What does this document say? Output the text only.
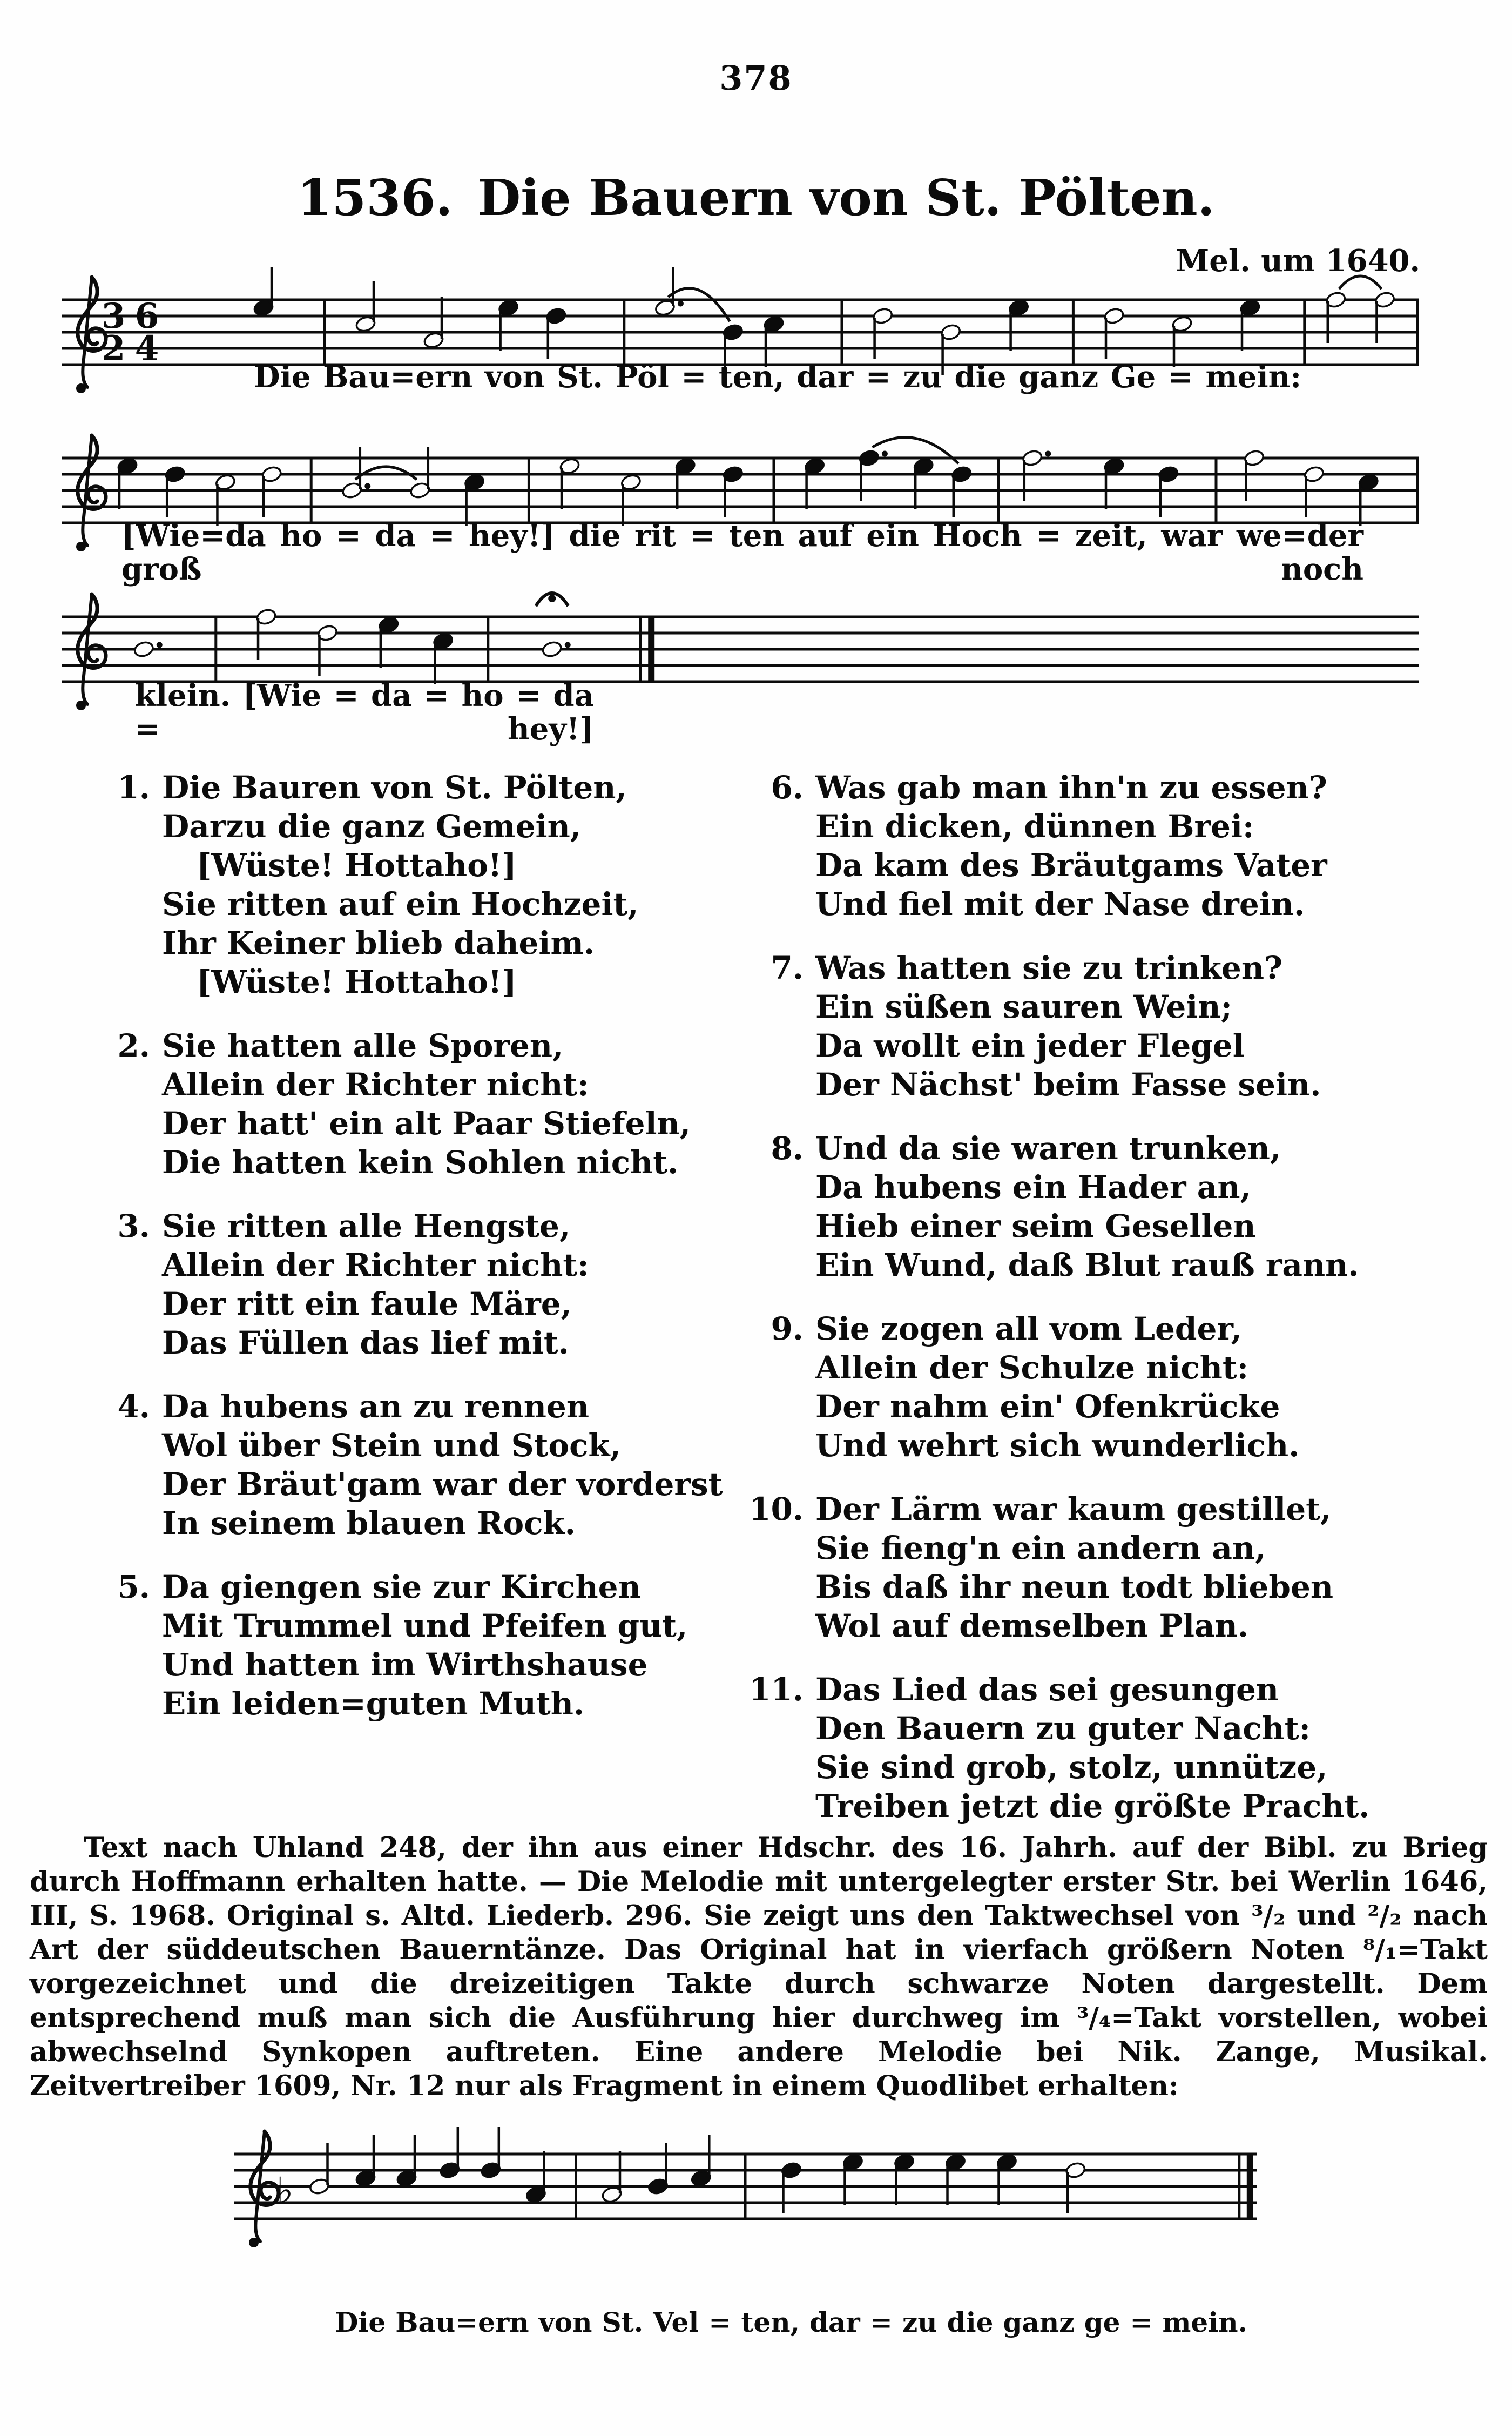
378
1536. Die Bauern von St. Pölten.
Mel. um 1640.
3
2
6
4
Die Bau=ern von St. Pöl = ten, dar = zu die ganz Ge = mein:
[Wie=da ho = da = hey!] die rit = ten auf ein Hoch = zeit, war we=der groß noch
klein. [Wie = da = ho = da = hey!]
1. Die Bauren von St. Pölten,
Darzu die ganz Gemein,
[Wüste! Hottaho!]
Sie ritten auf ein Hochzeit,
Ihr Keiner blieb daheim.
[Wüste! Hottaho!]
2. Sie hatten alle Sporen,
Allein der Richter nicht:
Der hatt' ein alt Paar Stiefeln,
Die hatten kein Sohlen nicht.
3. Sie ritten alle Hengste,
Allein der Richter nicht:
Der ritt ein faule Märe,
Das Füllen das lief mit.
4. Da hubens an zu rennen
Wol über Stein und Stock,
Der Bräut'gam war der vorderst
In seinem blauen Rock.
5. Da giengen sie zur Kirchen
Mit Trummel und Pfeifen gut,
Und hatten im Wirthshause
Ein leiden=guten Muth.
6. Was gab man ihn'n zu essen?
Ein dicken, dünnen Brei:
Da kam des Bräutgams Vater
Und fiel mit der Nase drein.
7. Was hatten sie zu trinken?
Ein süßen sauren Wein;
Da wollt ein jeder Flegel
Der Nächst' beim Fasse sein.
8. Und da sie waren trunken,
Da hubens ein Hader an,
Hieb einer seim Gesellen
Ein Wund, daß Blut rauß rann.
9. Sie zogen all vom Leder,
Allein der Schulze nicht:
Der nahm ein' Ofenkrücke
Und wehrt sich wunderlich.
10. Der Lärm war kaum gestillet,
Sie fieng'n ein andern an,
Bis daß ihr neun todt blieben
Wol auf demselben Plan.
11. Das Lied das sei gesungen
Den Bauern zu guter Nacht:
Sie sind grob, stolz, unnütze,
Treiben jetzt die größte Pracht.
Text nach Uhland 248, der ihn aus einer Hdschr. des 16. Jahrh. auf der Bibl. zu Brieg durch Hoffmann erhalten hatte. — Die Melodie mit untergelegter erster Str. bei Werlin 1646, III, S. 1968. Original s. Altd. Liederb. 296. Sie zeigt uns den Taktwechsel von ³/₂ und ²/₂ nach Art der süddeutschen Bauerntänze. Das Original hat in vierfach größern Noten ⁸/₁=Takt vorgezeichnet und die dreizeitigen Takte durch schwarze Noten dargestellt. Dem entsprechend muß man sich die Ausführung hier durchweg im ³/₄=Takt vorstellen, wobei abwechselnd Synkopen auftreten. Eine andere Melodie bei Nik. Zange, Musikal. Zeitvertreiber 1609, Nr. 12 nur als Fragment in einem Quodlibet erhalten:
♭
Die Bau=ern von St. Vel = ten, dar = zu die ganz ge = mein.
